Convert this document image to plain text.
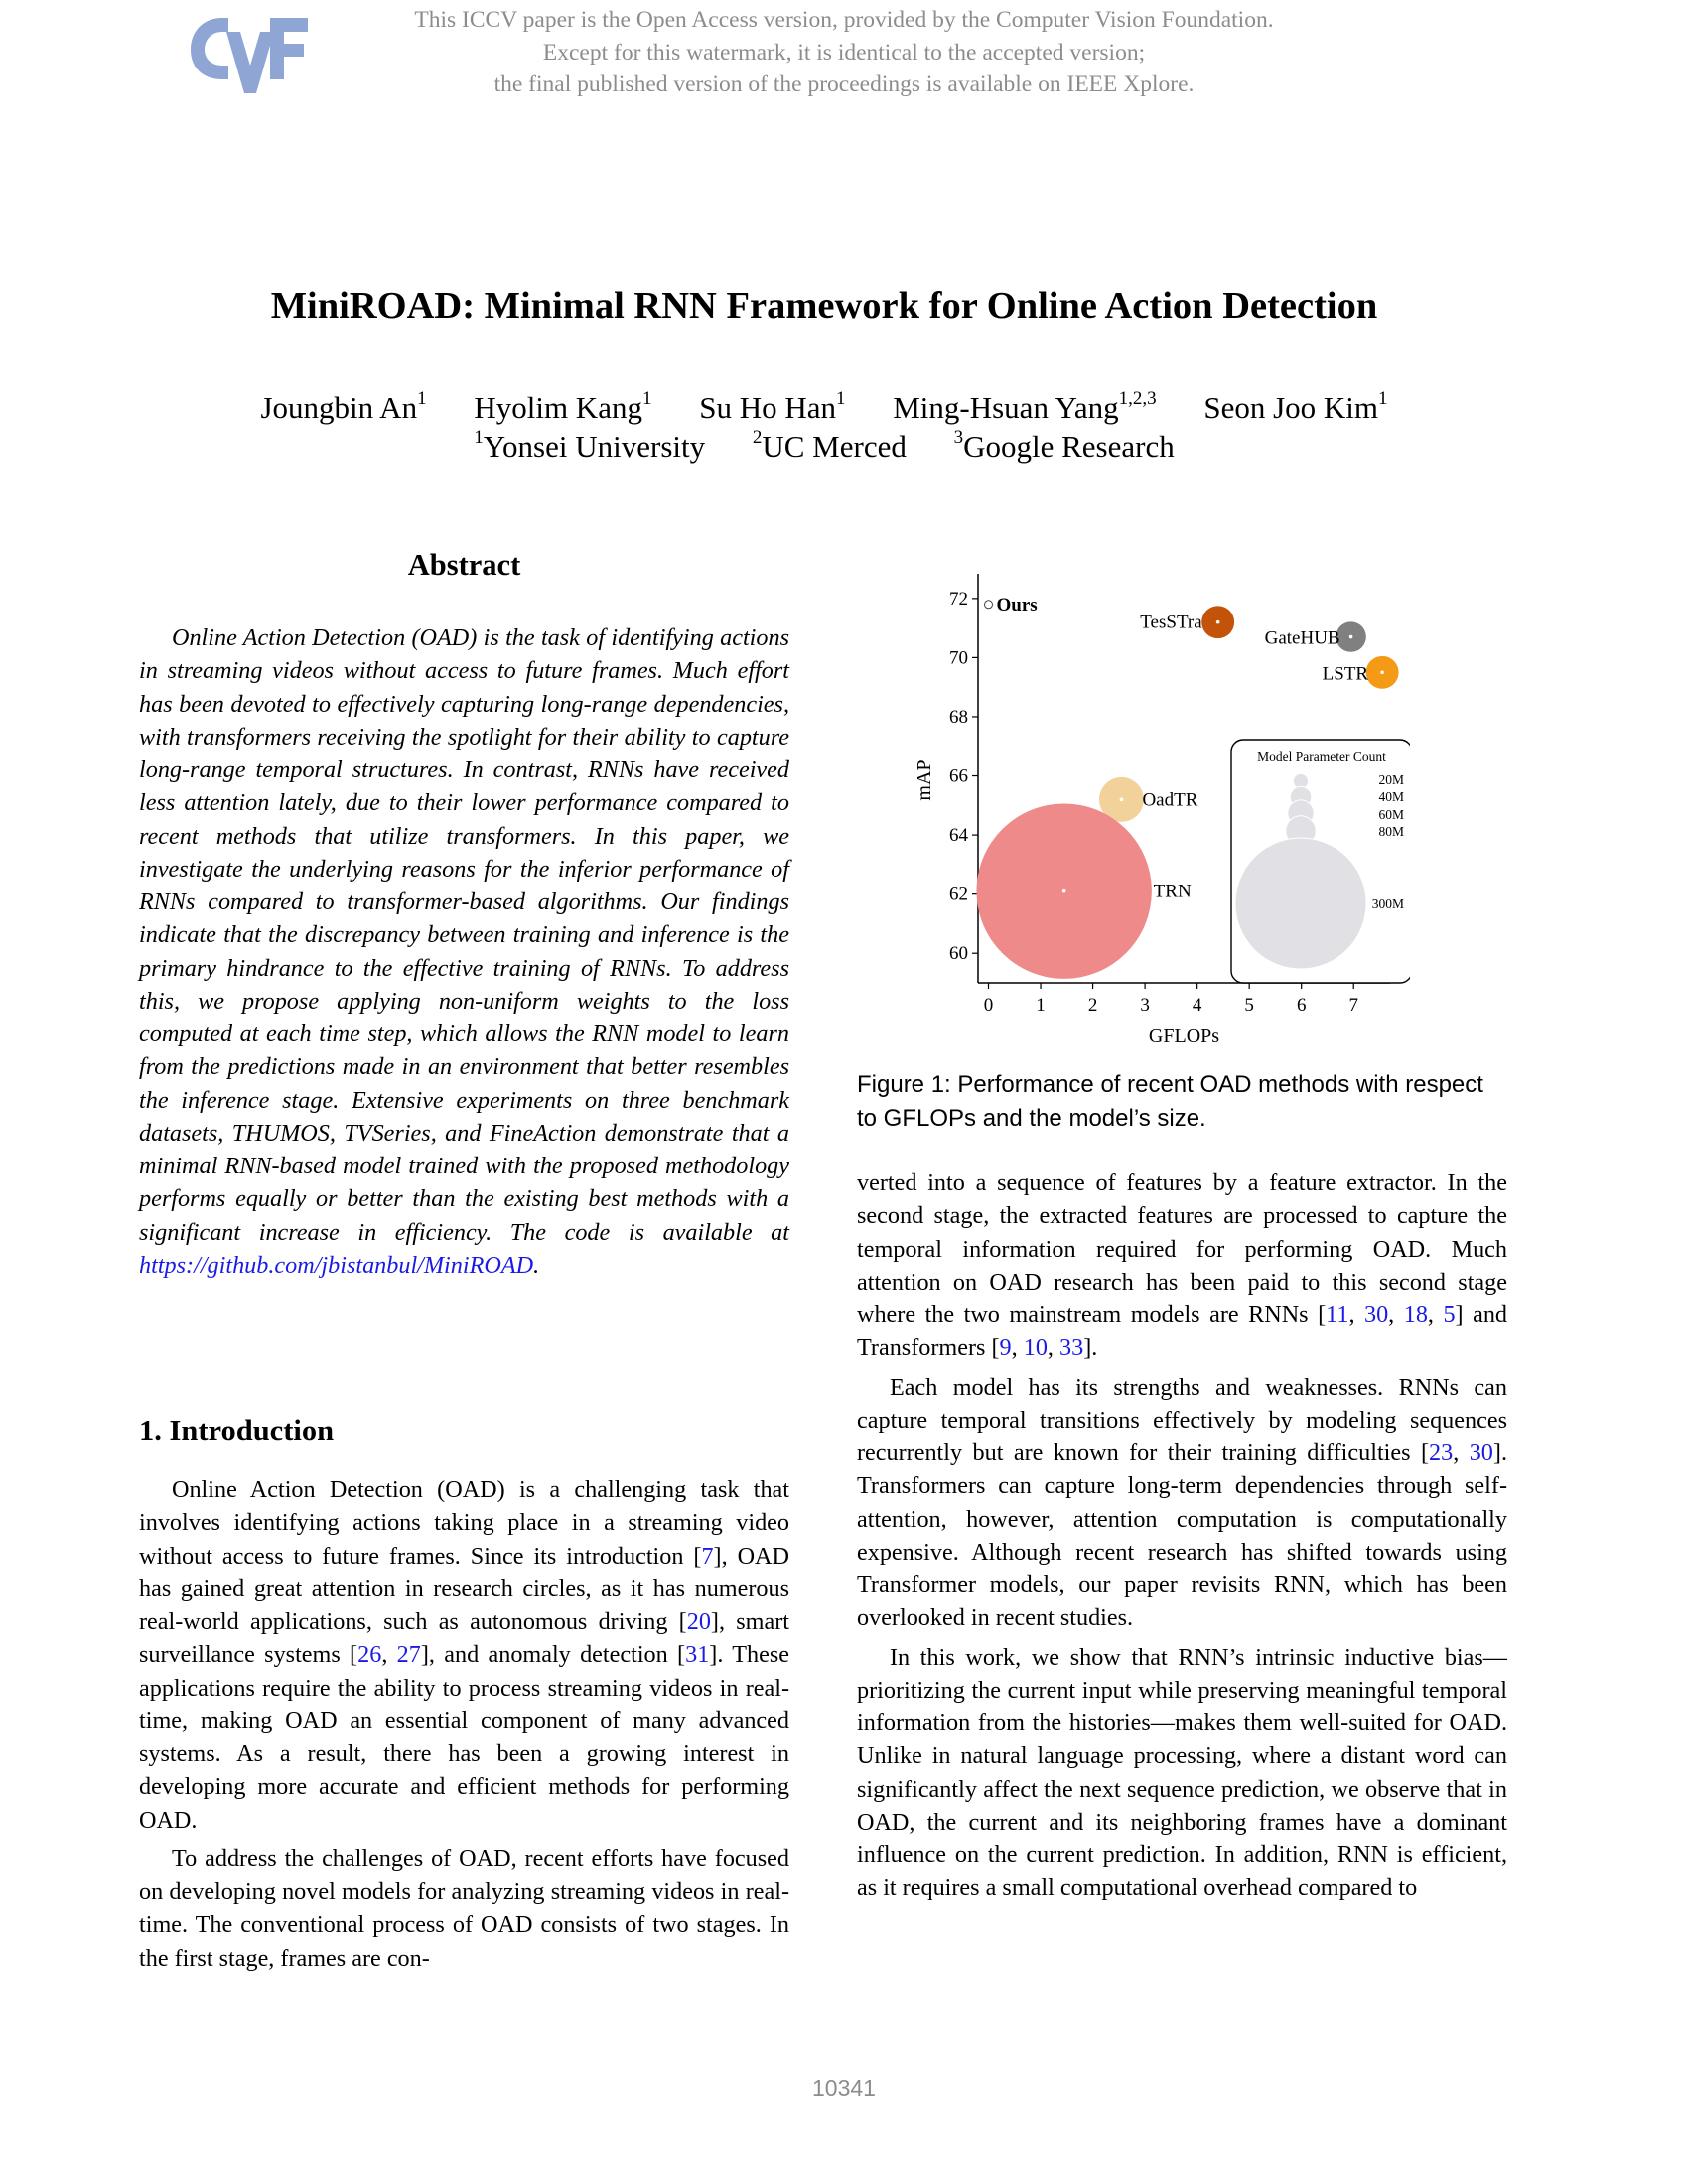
This ICCV paper is the Open Access version, provided by the Computer Vision Foundation.
Except for this watermark, it is identical to the accepted version;
the final published version of the proceedings is available on IEEE Xplore.
MiniROAD: Minimal RNN Framework for Online Action Detection
Joungbin An$^1$ Hyolim Kang$^1$ Su Ho Han$^1$ Ming-Hsuan Yang$^{1,2,3}$ Seon Joo Kim$^1$
$^1$Yonsei University	$^2$UC Merced	$^3$Google Research
Abstract

Online Action Detection (OAD) is the task of identifying actions in streaming videos without access to future frames. Much effort has been devoted to effectively capturing long-range dependencies, with transformers receiving the spotlight for their ability to capture long-range temporal structures. In contrast, RNNs have received less attention lately, due to their lower performance compared to recent methods that utilize transformers. In this paper, we investigate the underlying reasons for the inferior performance of RNNs compared to transformer-based algorithms. Our findings indicate that the discrepancy between training and inference is the primary hindrance to the effective training of RNNs. To address this, we propose applying non-uniform weights to the loss computed at each time step, which allows the RNN model to learn from the predictions made in an environment that better resembles the inference stage. Extensive experiments on three benchmark datasets, THUMOS, TVSeries, and FineAction demonstrate that a minimal RNN-based model trained with the proposed methodology performs equally or better than the existing best methods with a significant increase in efficiency. The code is available at https://github.com/jbistanbul/MiniROAD.

1. Introduction

Online Action Detection (OAD) is a challenging task that involves identifying actions taking place in a streaming video without access to future frames. Since its introduction [7], OAD has gained great attention in research circles, as it has numerous real-world applications, such as autonomous driving [20], smart surveillance systems [26, 27], and anomaly detection [31]. These applications require the ability to process streaming videos in real-time, making OAD an essential component of many advanced systems. As a result, there has been a growing interest in developing more accurate and efficient methods for performing OAD.

To address the challenges of OAD, recent efforts have focused on developing novel models for analyzing streaming videos in real-time. The conventional process of OAD consists of two stages. In the first stage, frames are con-

0 1 2 3 4 5 6 7
60
62
64
66
68
70
72
GFLOPs
mAP
Ours
TesSTra
GateHUB
LSTR
OadTR
TRN
Model Parameter Count
20M
40M
60M
80M
300M
Figure 1: Performance of recent OAD methods with respect to GFLOPs and the model’s size.

verted into a sequence of features by a feature extractor. In the second stage, the extracted features are processed to capture the temporal information required for performing OAD. Much attention on OAD research has been paid to this second stage where the two mainstream models are RNNs [11, 30, 18, 5] and Transformers [9, 10, 33].

Each model has its strengths and weaknesses. RNNs can capture temporal transitions effectively by modeling sequences recurrently but are known for their training difficulties [23, 30]. Transformers can capture long-term dependencies through self-attention, however, attention computation is computationally expensive. Although recent research has shifted towards using Transformer models, our paper revisits RNN, which has been overlooked in recent studies.

In this work, we show that RNN’s intrinsic inductive bias—prioritizing the current input while preserving meaningful temporal information from the histories—makes them well-suited for OAD. Unlike in natural language processing, where a distant word can significantly affect the next sequence prediction, we observe that in OAD, the current and its neighboring frames have a dominant influence on the current prediction. In addition, RNN is efficient, as it requires a small computational overhead compared to

10341
